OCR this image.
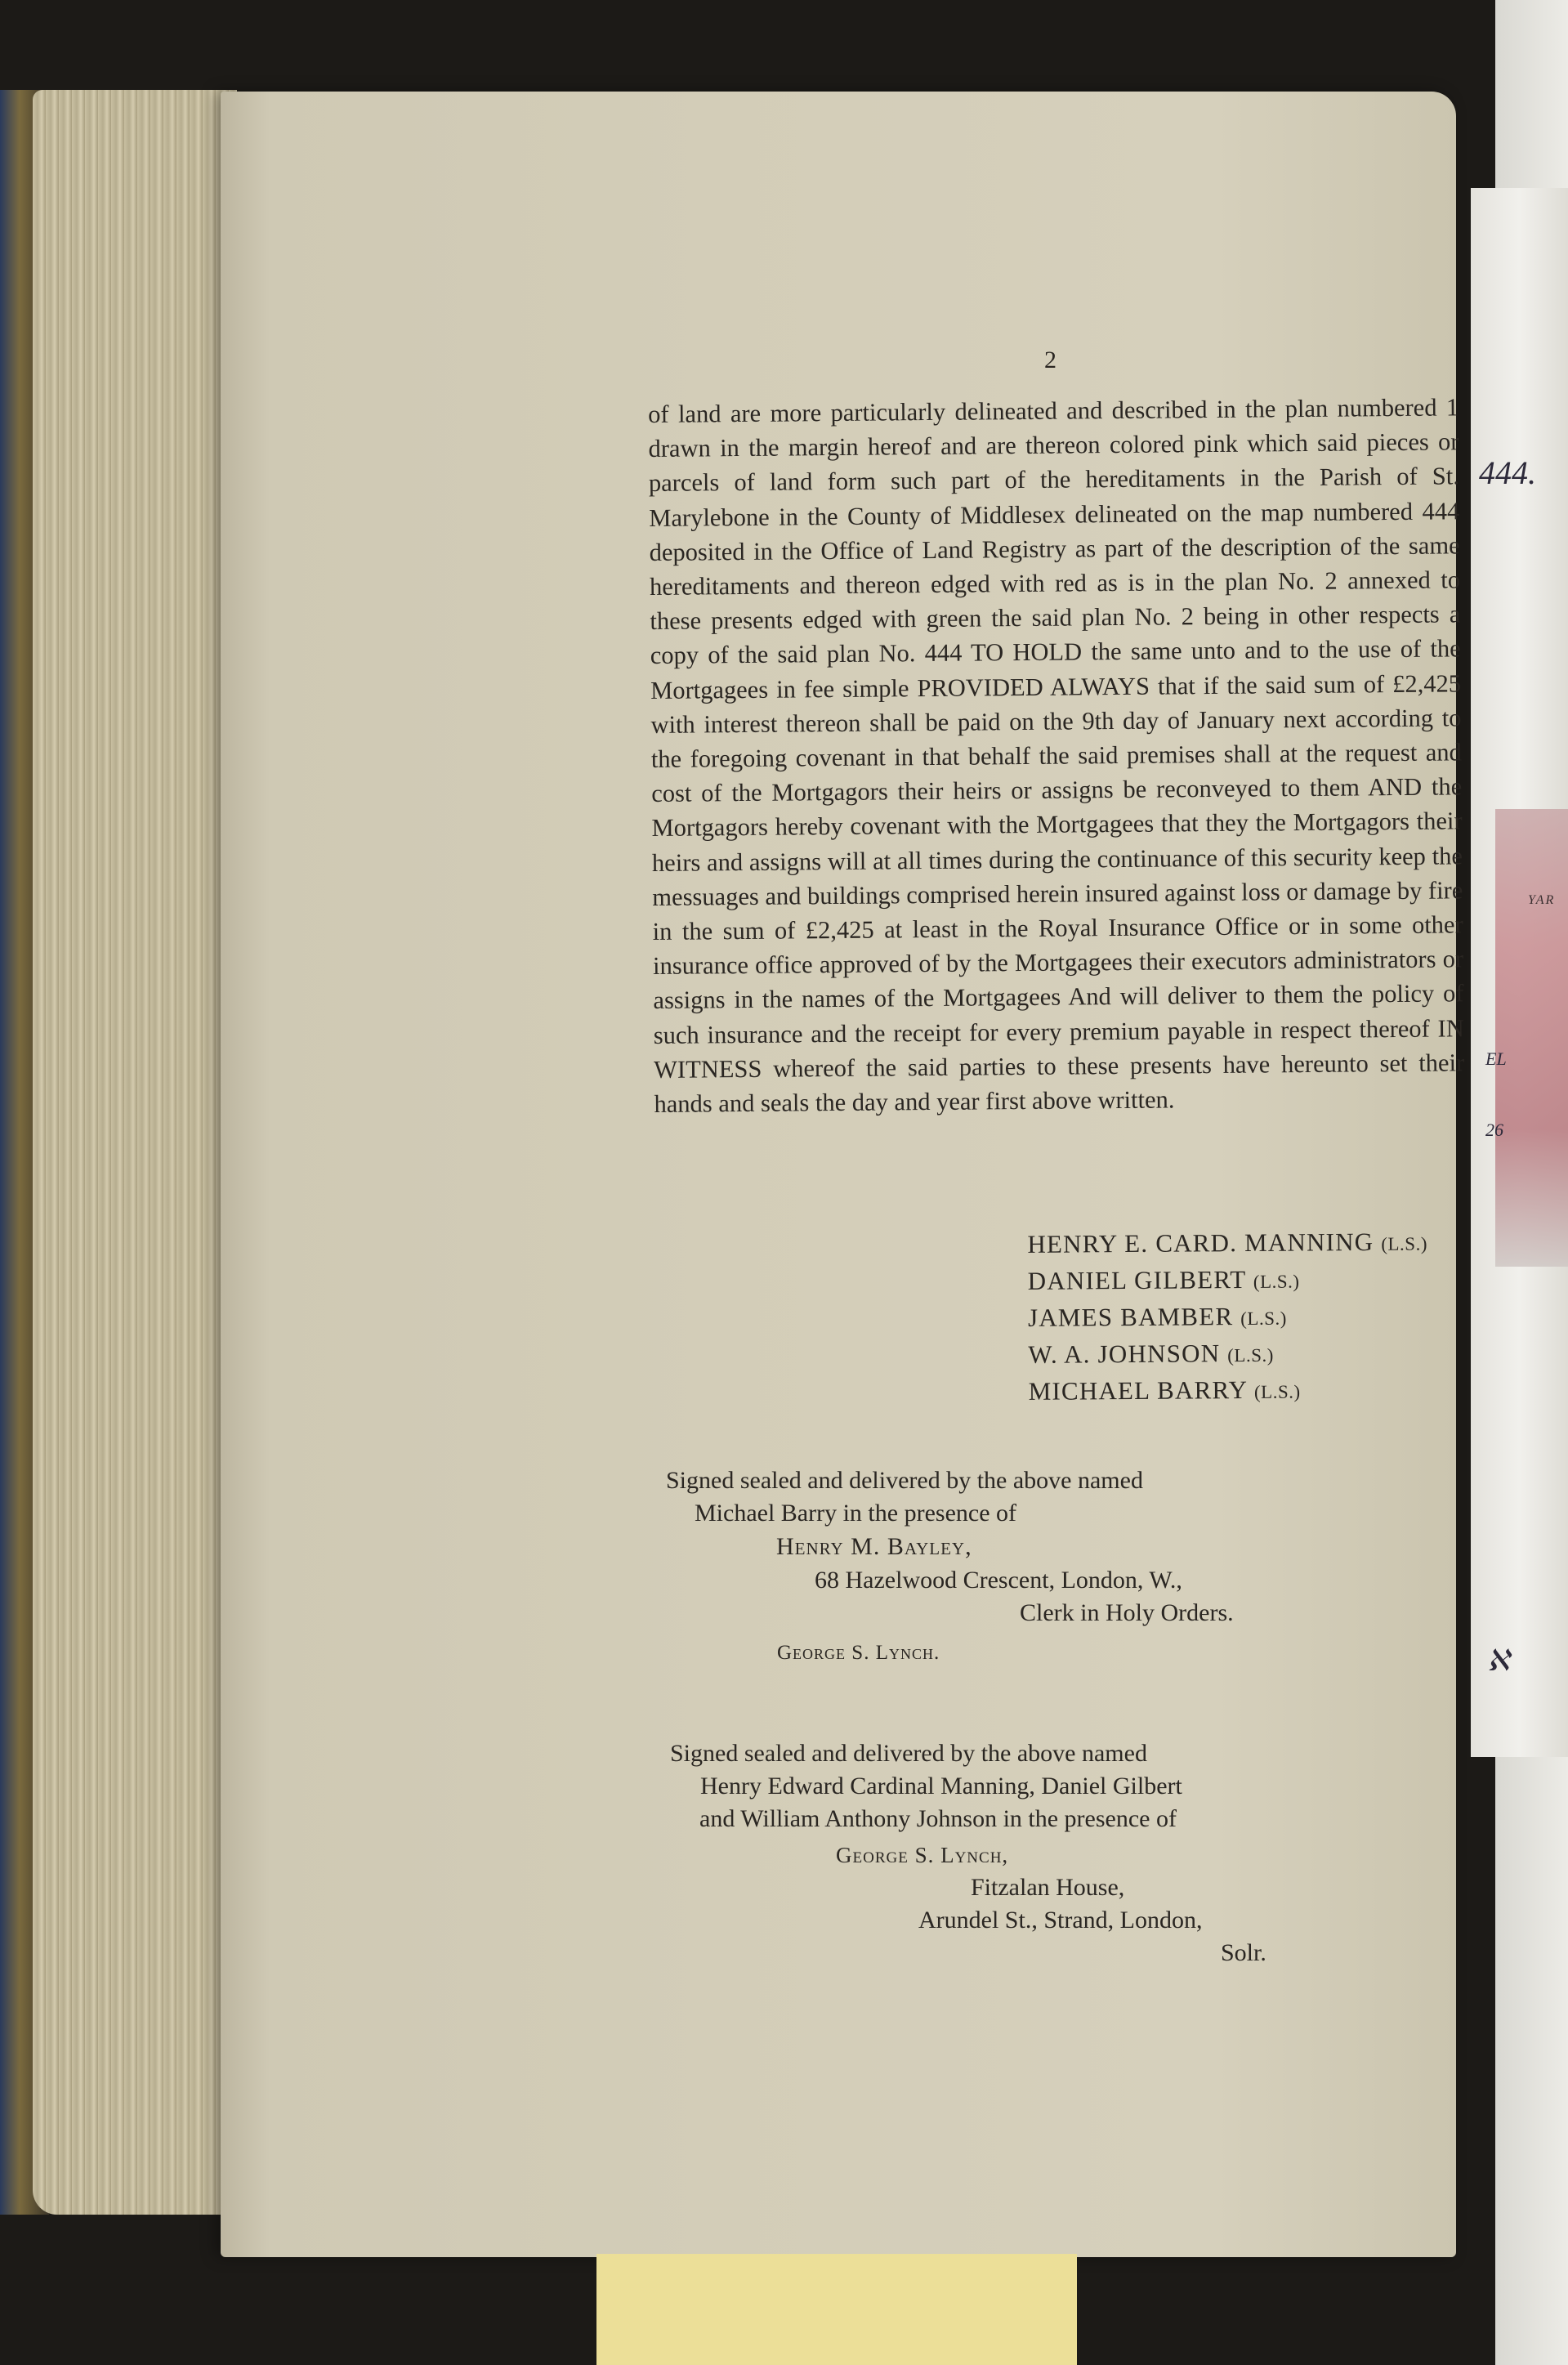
444.
YAR
EL
26
ℵ
2

of land are more particularly delineated and described in the plan numbered 1 drawn in the margin hereof and are thereon colored pink which said pieces or parcels of land form such part of the hereditaments in the Parish of St. Marylebone in the County of Middlesex delineated on the map numbered 444 deposited in the Office of Land Registry as part of the description of the same hereditaments and thereon edged with red as is in the plan No. 2 annexed to these presents edged with green the said plan No. 2 being in other respects a copy of the said plan No. 444 TO HOLD the same unto and to the use of the Mortgagees in fee simple PROVIDED ALWAYS that if the said sum of £2,425 with interest thereon shall be paid on the 9th day of January next according to the foregoing covenant in that behalf the said premises shall at the request and cost of the Mortgagors their heirs or assigns be reconveyed to them AND the Mortgagors hereby covenant with the Mortgagees that they the Mortgagors their heirs and assigns will at all times during the continuance of this security keep the messuages and buildings comprised herein insured against loss or damage by fire in the sum of £2,425 at least in the Royal Insurance Office or in some other insurance office approved of by the Mortgagees their executors administrators or assigns in the names of the Mortgagees And will deliver to them the policy of such insurance and the receipt for every premium payable in respect thereof IN WITNESS whereof the said parties to these presents have hereunto set their hands and seals the day and year first above written.

HENRY E. CARD. MANNING (L.S.)
DANIEL GILBERT (L.S.)
JAMES BAMBER (L.S.)
W. A. JOHNSON (L.S.)
MICHAEL BARRY (L.S.)
Signed sealed and delivered by the above named
Michael Barry in the presence of
Henry M. Bayley,
68 Hazelwood Crescent, London, W.,
Clerk in Holy Orders.
George S. Lynch.
Signed sealed and delivered by the above named
Henry Edward Cardinal Manning, Daniel Gilbert
and William Anthony Johnson in the presence of
George S. Lynch,
Fitzalan House,
Arundel St., Strand, London,
Solr.
